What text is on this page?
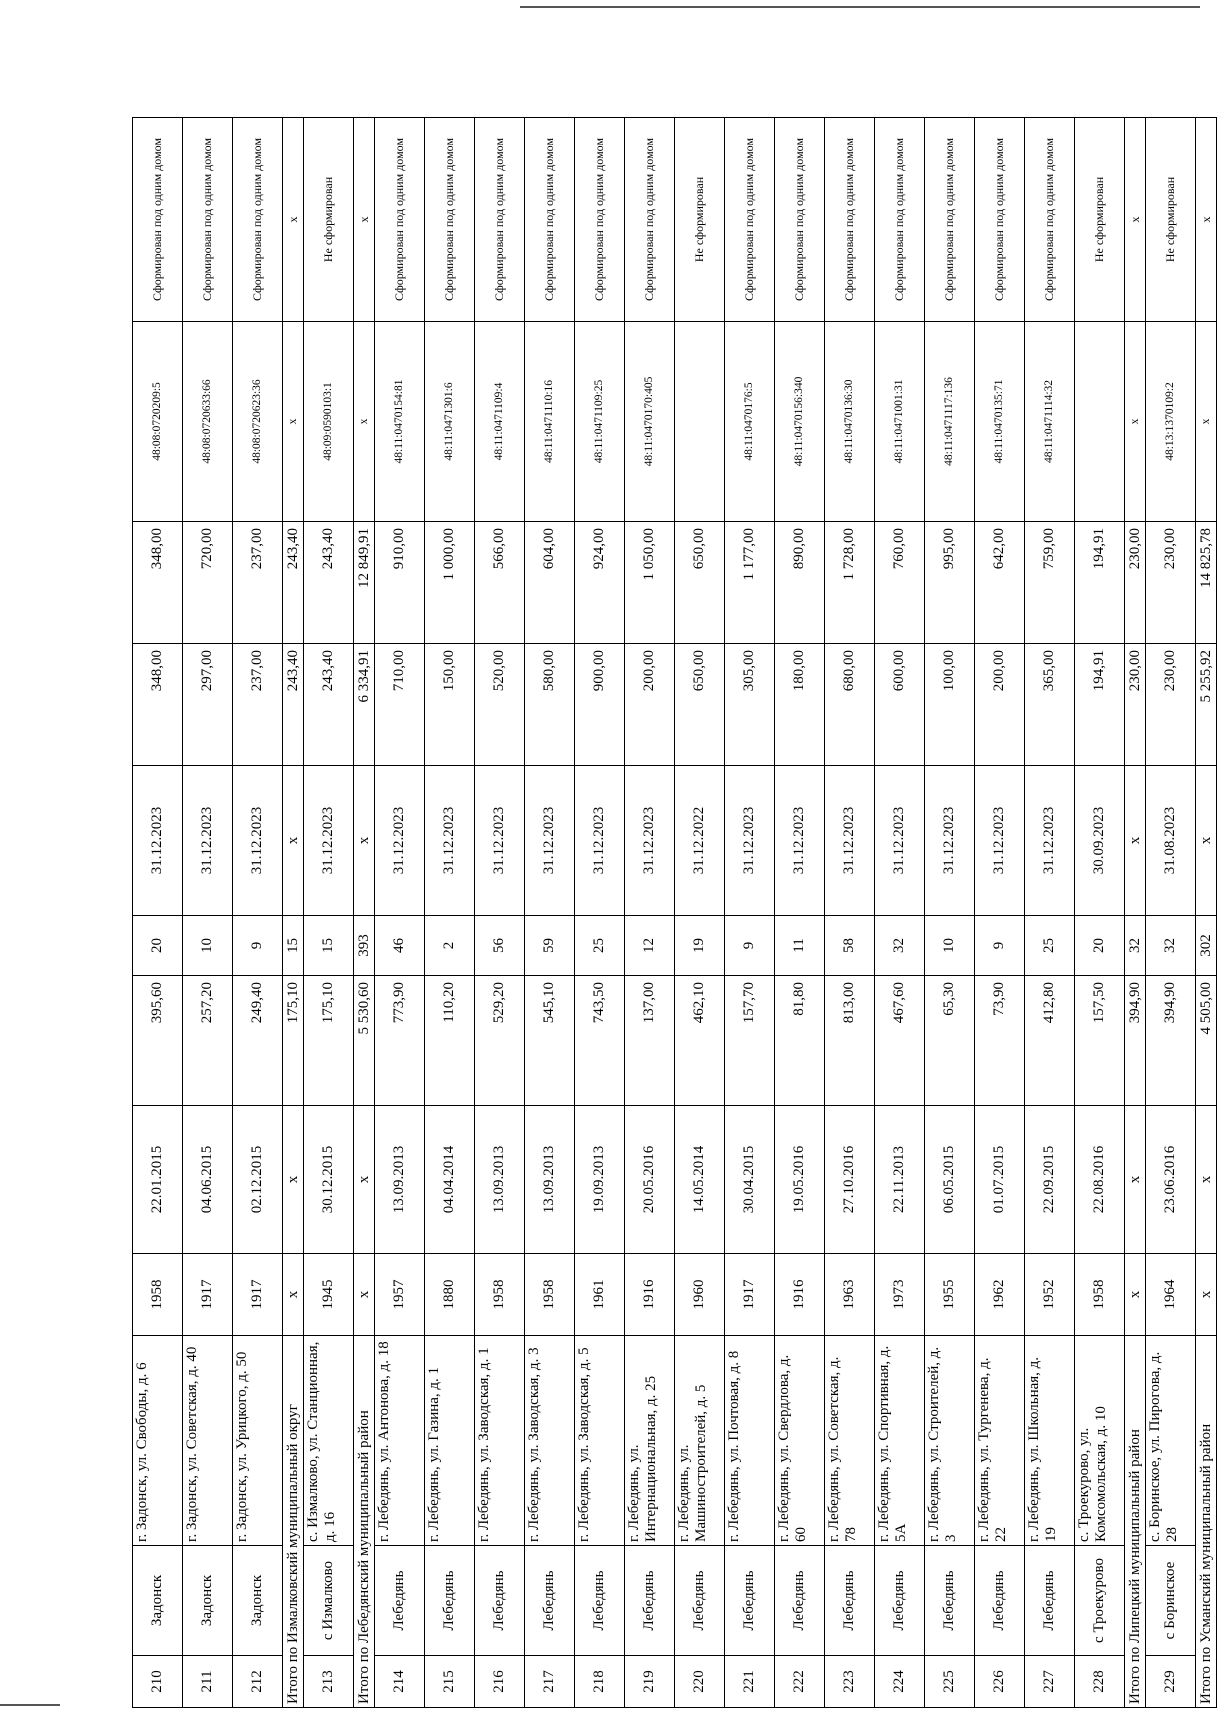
210	Задонск	г. Задонск, ул. Свободы, д. 6	1958	22.01.2015	395,60	20	31.12.2023	348,00	348,00	48:08:0720209:5	Сформирован под одним домом
211	Задонск	г. Задонск, ул. Советская, д. 40	1917	04.06.2015	257,20	10	31.12.2023	297,00	720,00	48:08:0720633:66	Сформирован под одним домом
212	Задонск	г. Задонск, ул. Урицкого, д. 50	1917	02.12.2015	249,40	9	31.12.2023	237,00	237,00	48:08:0720623:36	Сформирован под одним домом
Итого по Измалковский муниципальный округ			х	х	175,10	15	х	243,40	243,40	х	х
213	с Измалково	с. Измалково, ул. Станционная, д. 16	1945	30.12.2015	175,10	15	31.12.2023	243,40	243,40	48:09:0590103:1	Не сформирован
Итого по Лебедянский муниципальный район			х	х	5 530,60	393	х	6 334,91	12 849,91	х	х
214	Лебедянь	г. Лебедянь, ул. Антонова, д. 18	1957	13.09.2013	773,90	46	31.12.2023	710,00	910,00	48:11:0470154:81	Сформирован под одним домом
215	Лебедянь	г. Лебедянь, ул. Газина, д. 1	1880	04.04.2014	110,20	2	31.12.2023	150,00	1 000,00	48:11:0471301:6	Сформирован под одним домом
216	Лебедянь	г. Лебедянь, ул. Заводская, д. 1	1958	13.09.2013	529,20	56	31.12.2023	520,00	566,00	48:11:0471109:4	Сформирован под одним домом
217	Лебедянь	г. Лебедянь, ул. Заводская, д. 3	1958	13.09.2013	545,10	59	31.12.2023	580,00	604,00	48:11:0471110:16	Сформирован под одним домом
218	Лебедянь	г. Лебедянь, ул. Заводская, д. 5	1961	19.09.2013	743,50	25	31.12.2023	900,00	924,00	48:11:0471109:25	Сформирован под одним домом
219	Лебедянь	г. Лебедянь, ул. Интернациональная, д. 25	1916	20.05.2016	137,00	12	31.12.2023	200,00	1 050,00	48:11:0470170:405	Сформирован под одним домом
220	Лебедянь	г. Лебедянь, ул. Машиностроителей, д. 5	1960	14.05.2014	462,10	19	31.12.2022	650,00	650,00		Не сформирован
221	Лебедянь	г. Лебедянь, ул. Почтовая, д. 8	1917	30.04.2015	157,70	9	31.12.2023	305,00	1 177,00	48:11:0470176:5	Сформирован под одним домом
222	Лебедянь	г. Лебедянь, ул. Свердлова, д. 60	1916	19.05.2016	81,80	11	31.12.2023	180,00	890,00	48:11:0470156:340	Сформирован под одним домом
223	Лебедянь	г. Лебедянь, ул. Советская, д. 78	1963	27.10.2016	813,00	58	31.12.2023	680,00	1 728,00	48:11:0470136:30	Сформирован под одним домом
224	Лебедянь	г. Лебедянь, ул. Спортивная, д. 5А	1973	22.11.2013	467,60	32	31.12.2023	600,00	760,00	48:11:0471001:31	Сформирован под одним домом
225	Лебедянь	г. Лебедянь, ул. Строителей, д. 3	1955	06.05.2015	65,30	10	31.12.2023	100,00	995,00	48:11:0471117:136	Сформирован под одним домом
226	Лебедянь	г. Лебедянь, ул. Тургенева, д. 22	1962	01.07.2015	73,90	9	31.12.2023	200,00	642,00	48:11:0470135:71	Сформирован под одним домом
227	Лебедянь	г. Лебедянь, ул. Школьная, д. 19	1952	22.09.2015	412,80	25	31.12.2023	365,00	759,00	48:11:0471114:32	Сформирован под одним домом
228	с Троекурово	с. Троекурово, ул. Комсомольская, д. 10	1958	22.08.2016	157,50	20	30.09.2023	194,91	194,91		Не сформирован
Итого по Липецкий муниципальный район			х	х	394,90	32	х	230,00	230,00	х	х
229	с Боринское	с. Боринское, ул. Пирогова, д. 28	1964	23.06.2016	394,90	32	31.08.2023	230,00	230,00	48:13:1370109:2	Не сформирован
Итого по Усманский муниципальный район			х	х	4 505,00	302	х	5 255,92	14 825,78	х	х
